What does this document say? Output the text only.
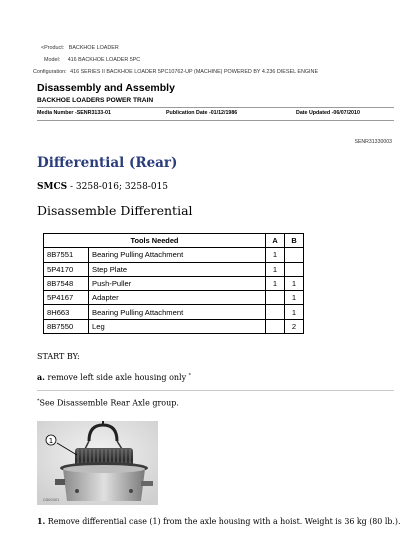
<Product: BACKHOE LOADER
Model: 416 BACKHOE LOADER 5PC
Configuration: 416 SERIES II BACKHOE LOADER 5PC10762-UP (MACHINE) POWERED BY 4.236 DIESEL ENGINE
Disassembly and Assembly
BACKHOE LOADERS POWER TRAIN
Media Number -SENR3133-01	Publication Date -01/12/1986	Date Updated -06/07/2010
SENR31330003
Differential (Rear)
SMCS - 3258-016; 3258-015
Disassemble Differential
Tools Needed		A	B
8B7551	Bearing Pulling Attachment	1	
5P4170	Step Plate	1	
8B7548	Push-Puller	1	1
5P4167	Adapter		1
8H663	Bearing Pulling Attachment		1
8B7550	Leg		2
START BY:
a. remove left side axle housing only *
*See Disassemble Rear Axle group.
1
CD00401
1. Remove differential case (1) from the axle housing with a hoist. Weight is 36 kg (80 lb.).
